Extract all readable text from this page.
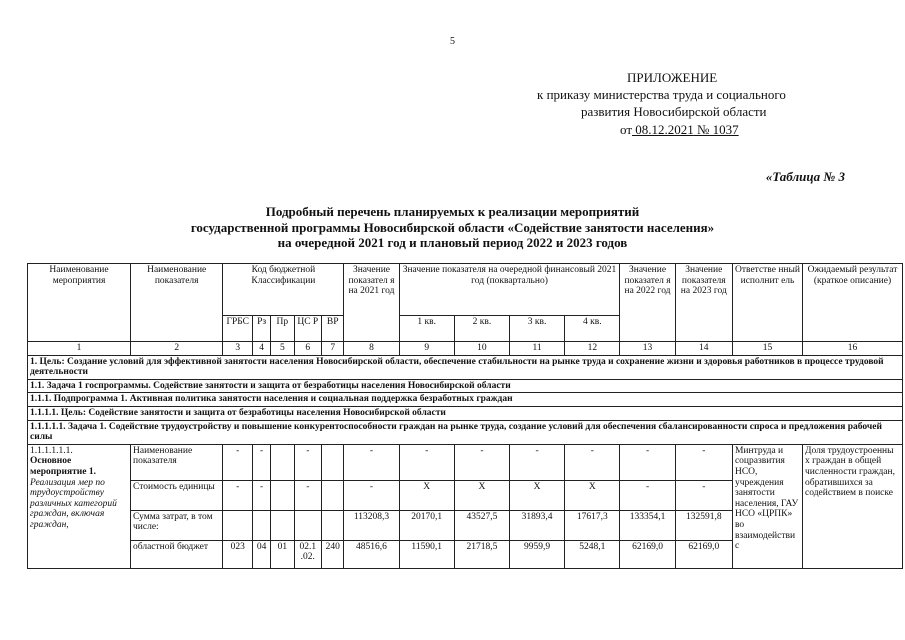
5
ПРИЛОЖЕНИЕ
к приказу министерства труда и социального
развития Новосибирской области
от 08.12.2021 № 1037
«Таблица № 3
Подробный перечень планируемых к реализации мероприятий
государственной программы Новосибирской области «Содействие занятости населения»
на очередной 2021 год и плановый период 2022 и 2023 годов
Наименование мероприятия	Наименование показателя	Код бюджетной Классификации					Значение показател я на 2021 год	Значение показателя на очередной финансовый 2021 год (поквартально)				Значение показател я на 2022 год	Значение показателя на 2023 год	Ответстве нный исполнит ель	Ожидаемый результат (краткое описание)
		ГРБС	Рз	Пр	ЦС Р	ВР		1 кв.	2 кв.	3 кв.	4 кв.				
1	2	3	4	5	6	7	8	9	10	11	12	13	14	15	16
1. Цель: Создание условий для эффективной занятости населения Новосибирской области, обеспечение стабильности на рынке труда и сохранение жизни и здоровья работников в процессе трудовой деятельности															
1.1. Задача 1 госпрограммы. Содействие занятости и защита от безработицы населения Новосибирской области															
1.1.1. Подпрограмма 1. Активная политика занятости населения и социальная поддержка безработных граждан															
1.1.1.1. Цель: Содействие занятости и защита от безработицы населения Новосибирской области															
1.1.1.1.1. Задача 1. Содействие трудоустройству и повышение конкурентоспособности граждан на рынке труда, создание условий для обеспечения сбалансированности спроса и предложения рабочей силы															

1.1.1.1.1.1.
Основное мероприятие 1.
Реализация мер по трудоустройству различных категорий граждан, включая граждан,	Наименование показателя	-	-		-		-	-	-	-	-	-	-	Минтруда и соцразвития НСО, учреждения занятости населения, ГАУ НСО «ЦРПК» во взаимодействи с	Доля трудоустроенны х граждан в общей численности граждан, обратившихся за содействием в поиске
	Стоимость единицы	-	-		-		-	X	X	X	X	-	-		
	Сумма затрат, в том числе:						113208,3	20170,1	43527,5	31893,4	17617,3	133354,1	132591,8		
	областной бюджет	023	04	01	02.1 .02.	240	48516,6	11590,1	21718,5	9959,9	5248,1	62169,0	62169,0		
